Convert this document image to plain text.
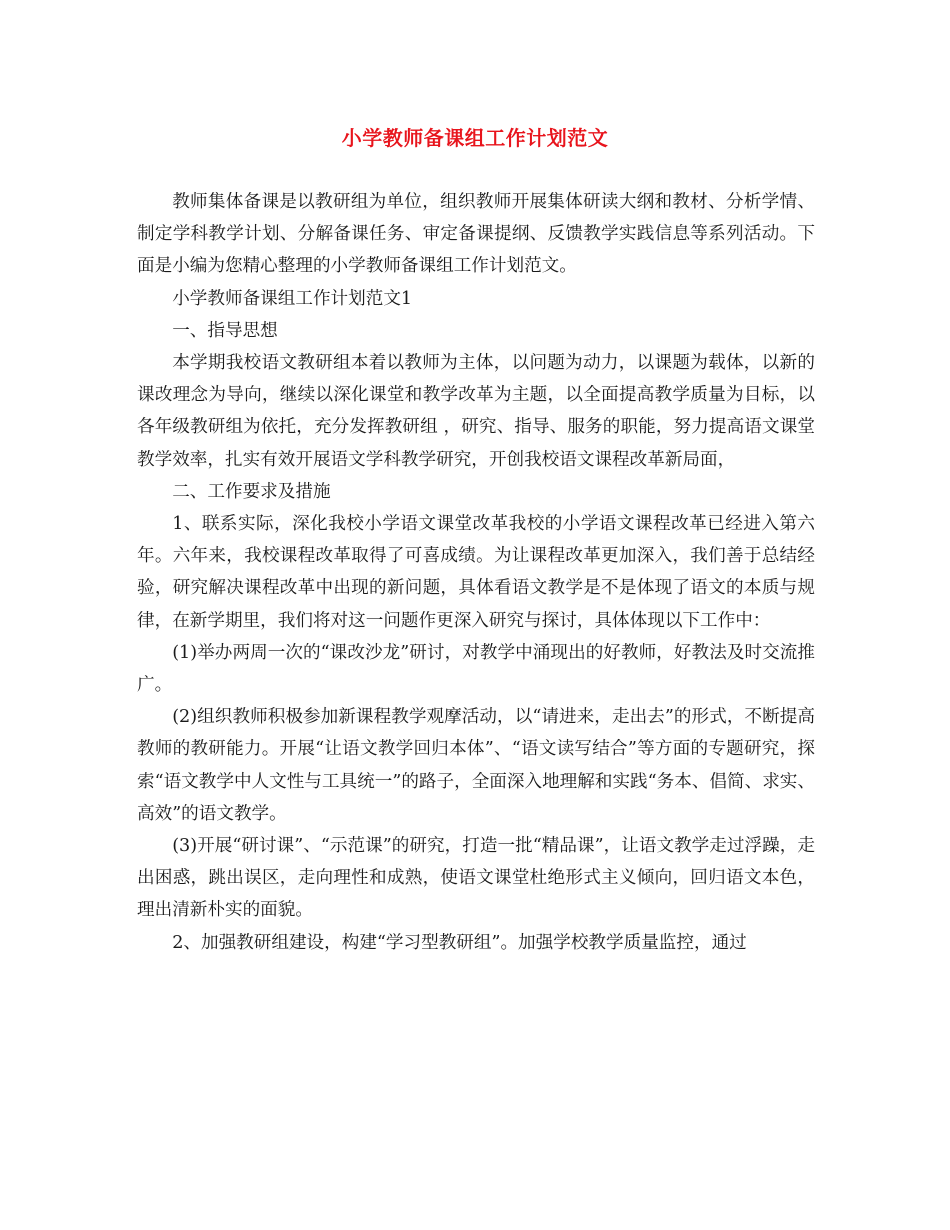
小学教师备课组工作计划范文

教师集体备课是以教研组为单位，组织教师开展集体研读大纲和教材、分析学情、制定学科教学计划、分解备课任务、审定备课提纲、反馈教学实践信息等系列活动。下面是小编为您精心整理的小学教师备课组工作计划范文。

小学教师备课组工作计划范文1

一、指导思想

本学期我校语文教研组本着以教师为主体，以问题为动力，以课题为载体，以新的课改理念为导向，继续以深化课堂和教学改革为主题，以全面提高教学质量为目标，以各年级教研组为依托，充分发挥教研组 ，研究、指导、服务的职能，努力提高语文课堂教学效率，扎实有效开展语文学科教学研究，开创我校语文课程改革新局面，

二、工作要求及措施

1、联系实际，深化我校小学语文课堂改革我校的小学语文课程改革已经进入第六年。六年来，我校课程改革取得了可喜成绩。为让课程改革更加深入，我们善于总结经验，研究解决课程改革中出现的新问题，具体看语文教学是不是体现了语文的本质与规律，在新学期里，我们将对这一问题作更深入研究与探讨，具体体现以下工作中：

(1)举办两周一次的“课改沙龙”研讨，对教学中涌现出的好教师，好教法及时交流推广。

(2)组织教师积极参加新课程教学观摩活动，以“请进来，走出去”的形式，不断提高教师的教研能力。开展“让语文教学回归本体”、“语文读写结合”等方面的专题研究，探索“语文教学中人文性与工具统一”的路子，全面深入地理解和实践“务本、倡简、求实、高效”的语文教学。

(3)开展“研讨课”、“示范课”的研究，打造一批“精品课”，让语文教学走过浮躁，走出困惑，跳出误区，走向理性和成熟，使语文课堂杜绝形式主义倾向，回归语文本色，理出清新朴实的面貌。

2、加强教研组建设，构建“学习型教研组”。加强学校教学质量监控，通过
